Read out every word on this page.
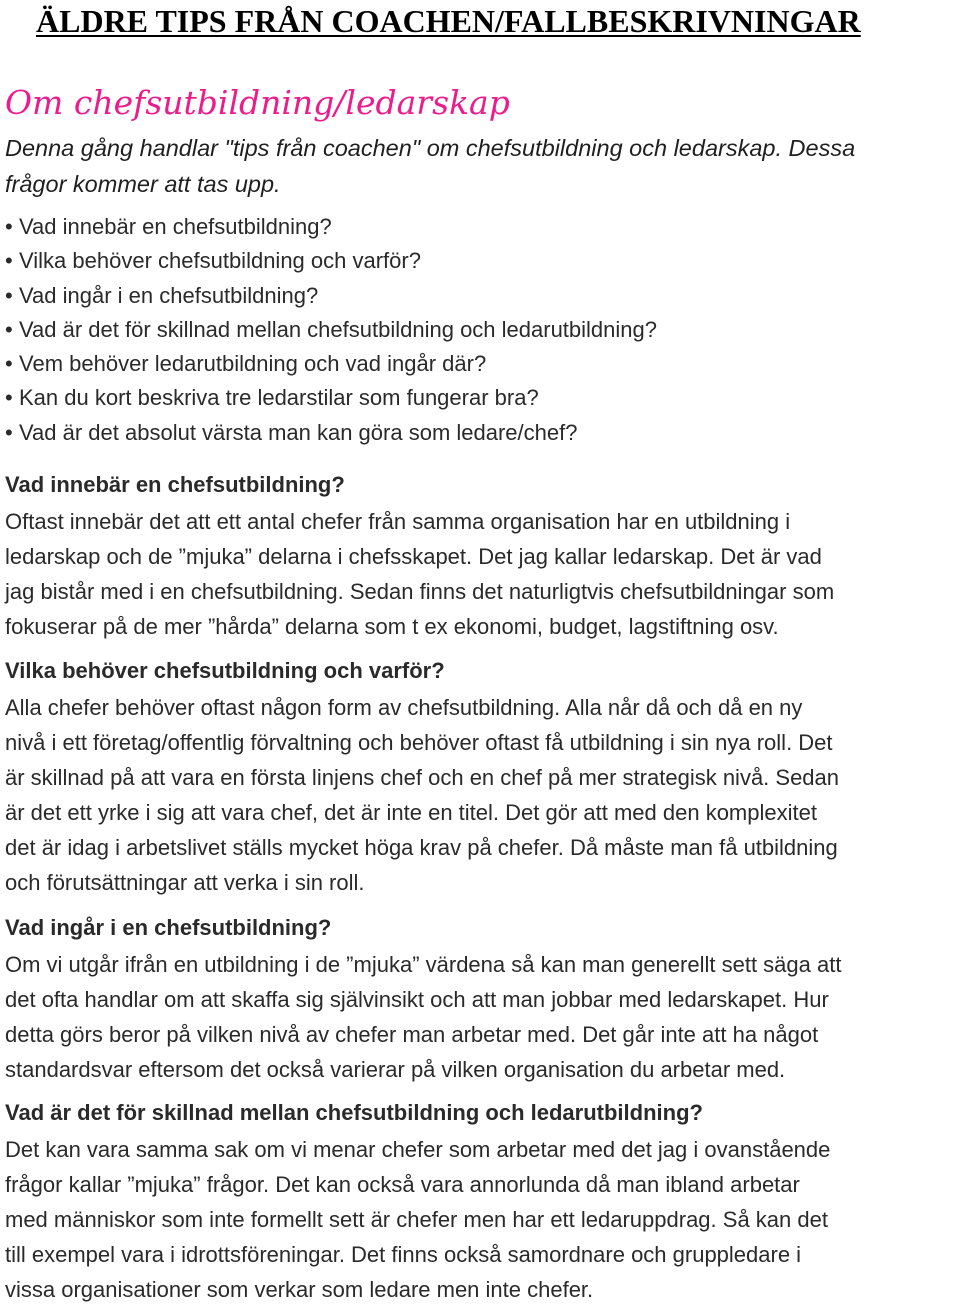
ÄLDRE TIPS FRÅN COACHEN/FALLBESKRIVNINGAR
Om chefsutbildning/ledarskap

Denna gång handlar "tips från coachen" om chefsutbildning och ledarskap. Dessa
frågor kommer att tas upp.

• Vad innebär en chefsutbildning?
• Vilka behöver chefsutbildning och varför?
• Vad ingår i en chefsutbildning?
• Vad är det för skillnad mellan chefsutbildning och ledarutbildning?
• Vem behöver ledarutbildning och vad ingår där?
• Kan du kort beskriva tre ledarstilar som fungerar bra?
• Vad är det absolut värsta man kan göra som ledare/chef?
Vad innebär en chefsutbildning?

Oftast innebär det att ett antal chefer från samma organisation har en utbildning i
ledarskap och de ”mjuka” delarna i chefsskapet. Det jag kallar ledarskap. Det är vad
jag bistår med i en chefsutbildning. Sedan finns det naturligtvis chefsutbildningar som
fokuserar på de mer ”hårda” delarna som t ex ekonomi, budget, lagstiftning osv.

Vilka behöver chefsutbildning och varför?

Alla chefer behöver oftast någon form av chefsutbildning. Alla når då och då en ny
nivå i ett företag/offentlig förvaltning och behöver oftast få utbildning i sin nya roll. Det
är skillnad på att vara en första linjens chef och en chef på mer strategisk nivå. Sedan
är det ett yrke i sig att vara chef, det är inte en titel. Det gör att med den komplexitet
det är idag i arbetslivet ställs mycket höga krav på chefer. Då måste man få utbildning
och förutsättningar att verka i sin roll.

Vad ingår i en chefsutbildning?

Om vi utgår ifrån en utbildning i de ”mjuka” värdena så kan man generellt sett säga att
det ofta handlar om att skaffa sig självinsikt och att man jobbar med ledarskapet. Hur
detta görs beror på vilken nivå av chefer man arbetar med. Det går inte att ha något
standardsvar eftersom det också varierar på vilken organisation du arbetar med.

Vad är det för skillnad mellan chefsutbildning och ledarutbildning?

Det kan vara samma sak om vi menar chefer som arbetar med det jag i ovanstående
frågor kallar ”mjuka” frågor. Det kan också vara annorlunda då man ibland arbetar
med människor som inte formellt sett är chefer men har ett ledaruppdrag. Så kan det
till exempel vara i idrottsföreningar. Det finns också samordnare och gruppledare i
vissa organisationer som verkar som ledare men inte chefer.
